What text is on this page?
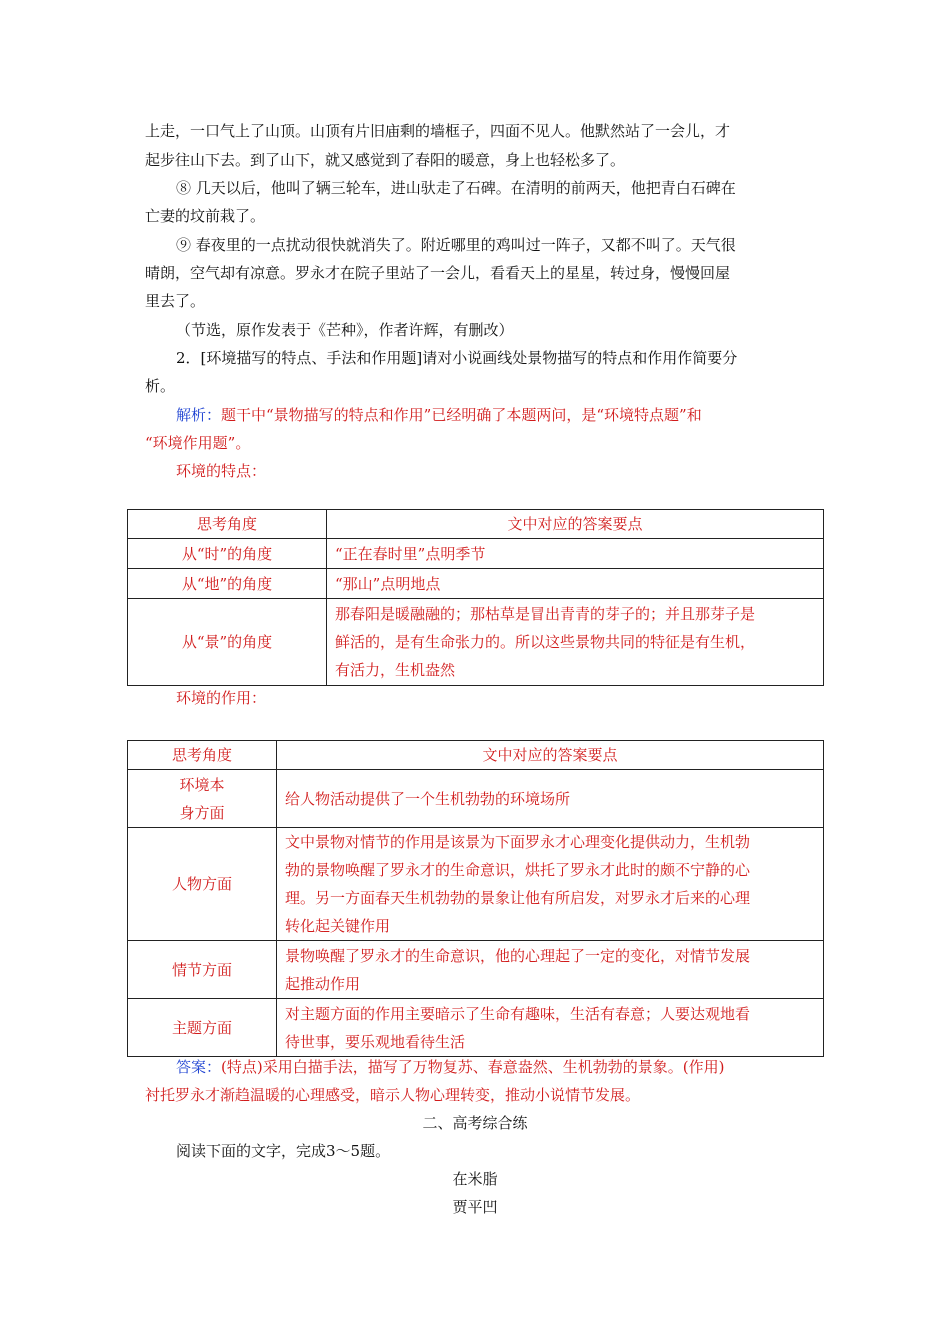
上走，一口气上了山顶。山顶有片旧庙剩的墙框子，四面不见人。他默然站了一会儿，才
起步往山下去。到了山下，就又感觉到了春阳的暖意，身上也轻松多了。
⑧ 几天以后，他叫了辆三轮车，进山驮走了石碑。在清明的前两天，他把青白石碑在
亡妻的坟前栽了。
⑨ 春夜里的一点扰动很快就消失了。附近哪里的鸡叫过一阵子，又都不叫了。天气很
晴朗，空气却有凉意。罗永才在院子里站了一会儿，看看天上的星星，转过身，慢慢回屋
里去了。
（节选，原作发表于《芒种》，作者许辉，有删改）
2．[环境描写的特点、手法和作用题]请对小说画线处景物描写的特点和作用作简要分
析。
解析：题干中“景物描写的特点和作用”已经明确了本题两问，是“环境特点题”和
“环境作用题”。
环境的特点：
思考角度	文中对应的答案要点
从“时”的角度	“正在春时里”点明季节
从“地”的角度	“那山”点明地点
从“景”的角度	那春阳是暖融融的；那枯草是冒出青青的芽子的；并且那芽子是
鲜活的，是有生命张力的。所以这些景物共同的特征是有生机，
有活力，生机盎然
环境的作用：
思考角度	文中对应的答案要点

环境本
身方面	给人物活动提供了一个生机勃勃的环境场所

人物方面	文中景物对情节的作用是该景为下面罗永才心理变化提供动力，生机勃
勃的景物唤醒了罗永才的生命意识，烘托了罗永才此时的颇不宁静的心
理。另一方面春天生机勃勃的景象让他有所启发，对罗永才后来的心理
转化起关键作用

情节方面	景物唤醒了罗永才的生命意识，他的心理起了一定的变化，对情节发展
起推动作用

主题方面	对主题方面的作用主要暗示了生命有趣味，生活有春意；人要达观地看
待世事，要乐观地看待生活
答案：(特点)采用白描手法，描写了万物复苏、春意盎然、生机勃勃的景象。(作用)
衬托罗永才渐趋温暖的心理感受，暗示人物心理转变，推动小说情节发展。
二、高考综合练
阅读下面的文字，完成3～5题。
在米脂
贾平凹
